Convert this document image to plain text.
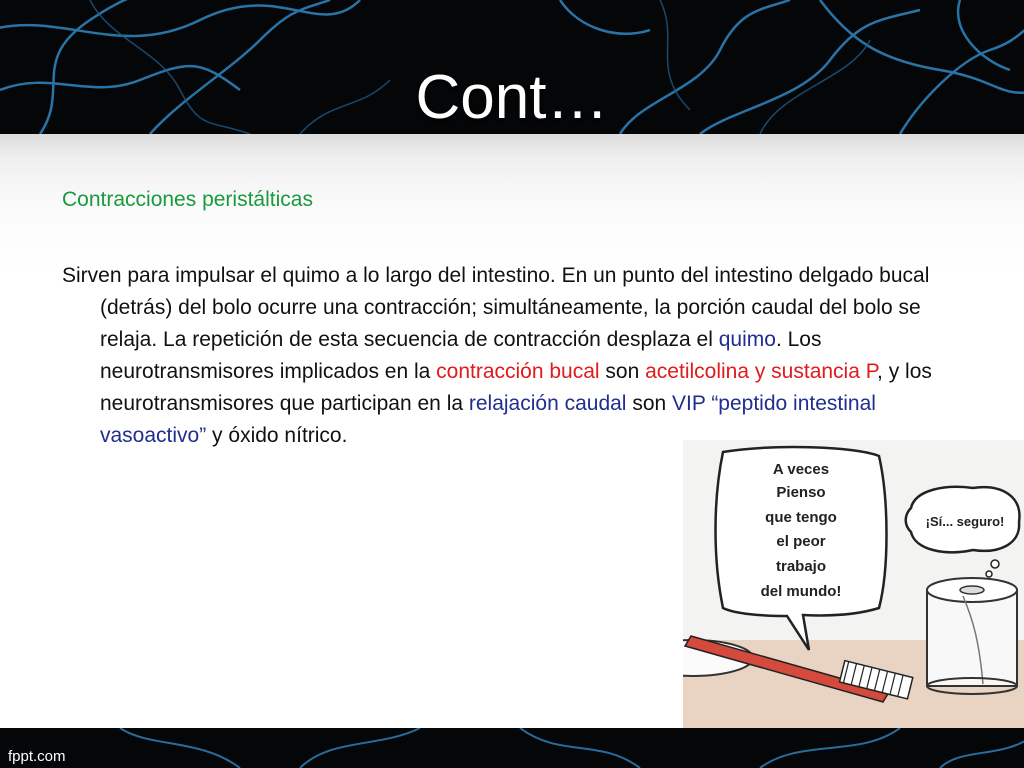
Cont…
Contracciones peristálticas
Sirven para impulsar el quimo a lo largo del intestino. En un punto del intestino delgado bucal (detrás) del bolo ocurre una contracción; simultáneamente, la porción caudal del bolo se relaja. La repetición de esta secuencia de contracción desplaza el quimo. Los neurotransmisores implicados en la contracción bucal son acetilcolina y sustancia P, y los neurotransmisores que participan en la relajación caudal son VIP “peptido intestinal vasoactivo” y óxido nítrico.
A veces
Pienso
que tengo
el peor
trabajo
del mundo!
¡Sí... seguro!
fppt.com
